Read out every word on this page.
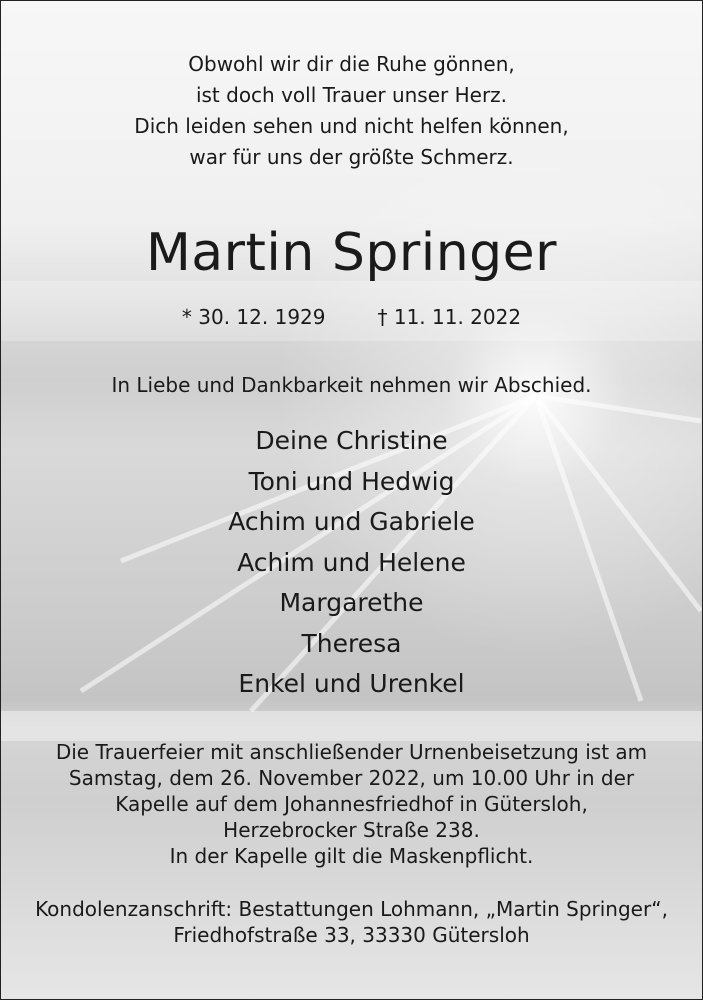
Obwohl wir dir die Ruhe gönnen,
ist doch voll Trauer unser Herz.
Dich leiden sehen und nicht helfen können,
war für uns der größte Schmerz.
Martin Springer
* 30. 12. 1929	† 11. 11. 2022
In Liebe und Dankbarkeit nehmen wir Abschied.
Deine Christine
Toni und Hedwig
Achim und Gabriele
Achim und Helene
Margarethe
Theresa
Enkel und Urenkel
Die Trauerfeier mit anschließender Urnenbeisetzung ist am
Samstag, dem 26. November 2022, um 10.00 Uhr in der
Kapelle auf dem Johannesfriedhof in Gütersloh,
Herzebrocker Straße 238.
In der Kapelle gilt die Maskenpflicht.
Kondolenzanschrift: Bestattungen Lohmann, „Martin Springer“,
Friedhofstraße 33, 33330 Gütersloh
